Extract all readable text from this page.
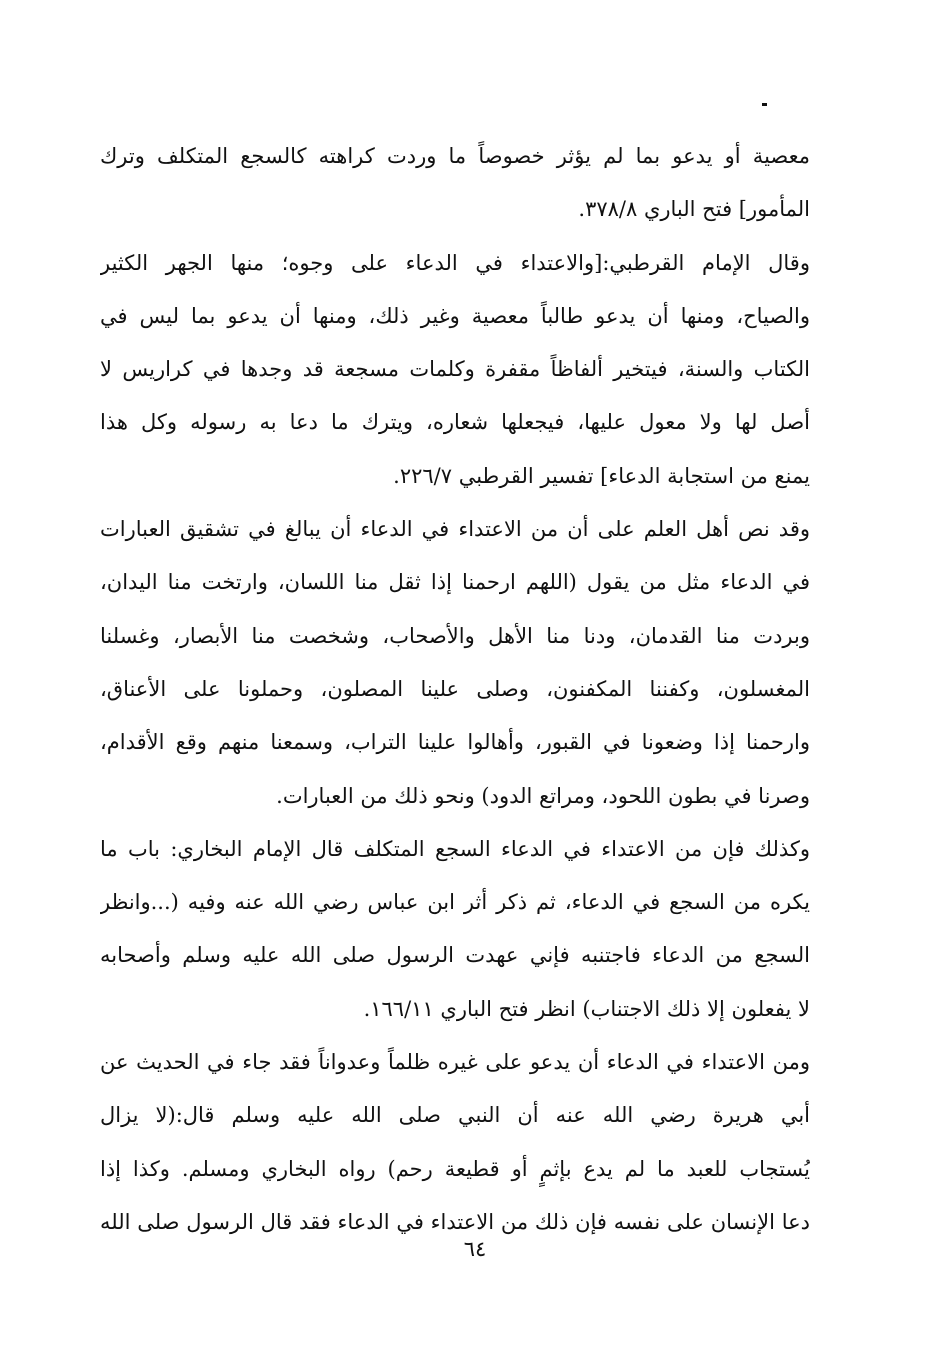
معصية أو يدعو بما لم يؤثر خصوصاً ما وردت كراهته كالسجع المتكلف وترك
المأمور] فتح الباري ٣٧٨/٨.
وقال الإمام القرطبي:[والاعتداء في الدعاء على وجوه؛ منها الجهر الكثير
والصياح، ومنها أن يدعو طالباً معصية وغير ذلك، ومنها أن يدعو بما ليس في
الكتاب والسنة، فيتخير ألفاظاً مقفرة وكلمات مسجعة قد وجدها في كراريس لا
أصل لها ولا معول عليها، فيجعلها شعاره، ويترك ما دعا به رسوله وكل هذا
يمنع من استجابة الدعاء] تفسير القرطبي ٢٢٦/٧.
وقد نص أهل العلم على أن من الاعتداء في الدعاء أن يبالغ في تشقيق العبارات
في الدعاء مثل من يقول (اللهم ارحمنا إذا ثقل منا اللسان، وارتخت منا اليدان،
وبردت منا القدمان، ودنا منا الأهل والأصحاب، وشخصت منا الأبصار، وغسلنا
المغسلون، وكفننا المكفنون، وصلى علينا المصلون، وحملونا على الأعناق،
وارحمنا إذا وضعونا في القبور، وأهالوا علينا التراب، وسمعنا منهم وقع الأقدام،
وصرنا في بطون اللحود، ومراتع الدود) ونحو ذلك من العبارات.
وكذلك فإن من الاعتداء في الدعاء السجع المتكلف قال الإمام البخاري: باب ما
يكره من السجع في الدعاء، ثم ذكر أثر ابن عباس رضي الله عنه وفيه (...وانظر
السجع من الدعاء فاجتنبه فإني عهدت الرسول صلى الله عليه وسلم وأصحابه
لا يفعلون إلا ذلك الاجتناب) انظر فتح الباري ١٦٦/١١.
ومن الاعتداء في الدعاء أن يدعو على غيره ظلماً وعدواناً فقد جاء في الحديث عن
أبي هريرة رضي الله عنه أن النبي صلى الله عليه وسلم قال:(لا يزال
يُستجاب للعبد ما لم يدع بإثمٍ أو قطيعة رحم) رواه البخاري ومسلم. وكذا إذا
دعا الإنسان على نفسه فإن ذلك من الاعتداء في الدعاء فقد قال الرسول صلى الله
٦٤
